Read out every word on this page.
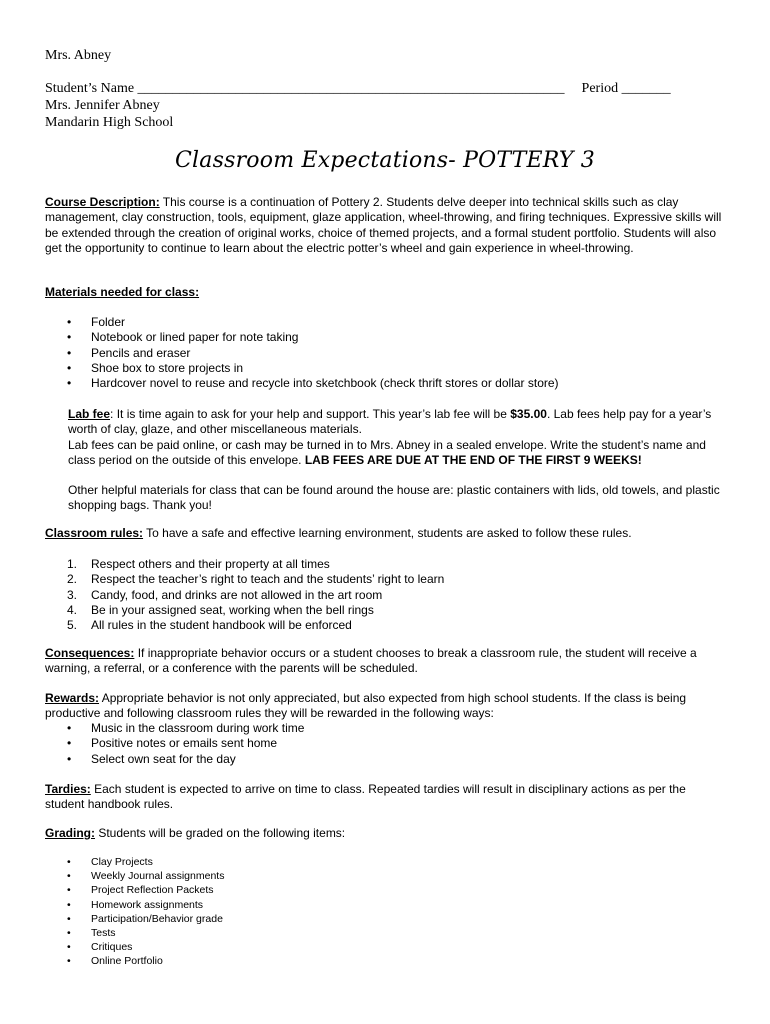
Mrs. Abney
Student’s Name _____________________________________________________________ Period _______
Mrs. Jennifer Abney
Mandarin High School
Classroom Expectations- POTTERY 3
Course Description: This course is a continuation of Pottery 2. Students delve deeper into technical skills such as clay management, clay construction, tools, equipment, glaze application, wheel-throwing, and firing techniques. Expressive skills will be extended through the creation of original works, choice of themed projects, and a formal student portfolio. Students will also get the opportunity to continue to learn about the electric potter’s wheel and gain experience in wheel-throwing.
Materials needed for class:
• Folder
• Notebook or lined paper for note taking
• Pencils and eraser
• Shoe box to store projects in
• Hardcover novel to reuse and recycle into sketchbook (check thrift stores or dollar store)
Lab fee: It is time again to ask for your help and support. This year’s lab fee will be $35.00. Lab fees help pay for a year’s worth of clay, glaze, and other miscellaneous materials.
Lab fees can be paid online, or cash may be turned in to Mrs. Abney in a sealed envelope. Write the student’s name and class period on the outside of this envelope. LAB FEES ARE DUE AT THE END OF THE FIRST 9 WEEKS!
Other helpful materials for class that can be found around the house are: plastic containers with lids, old towels, and plastic shopping bags. Thank you!
Classroom rules: To have a safe and effective learning environment, students are asked to follow these rules.
1. Respect others and their property at all times
2. Respect the teacher’s right to teach and the students’ right to learn
3. Candy, food, and drinks are not allowed in the art room
4. Be in your assigned seat, working when the bell rings
5. All rules in the student handbook will be enforced
Consequences: If inappropriate behavior occurs or a student chooses to break a classroom rule, the student will receive a warning, a referral, or a conference with the parents will be scheduled.
Rewards: Appropriate behavior is not only appreciated, but also expected from high school students. If the class is being productive and following classroom rules they will be rewarded in the following ways:
• Music in the classroom during work time
• Positive notes or emails sent home
• Select own seat for the day
Tardies: Each student is expected to arrive on time to class. Repeated tardies will result in disciplinary actions as per the student handbook rules.
Grading: Students will be graded on the following items:
• Clay Projects
• Weekly Journal assignments
• Project Reflection Packets
• Homework assignments
• Participation/Behavior grade
• Tests
• Critiques
• Online Portfolio
